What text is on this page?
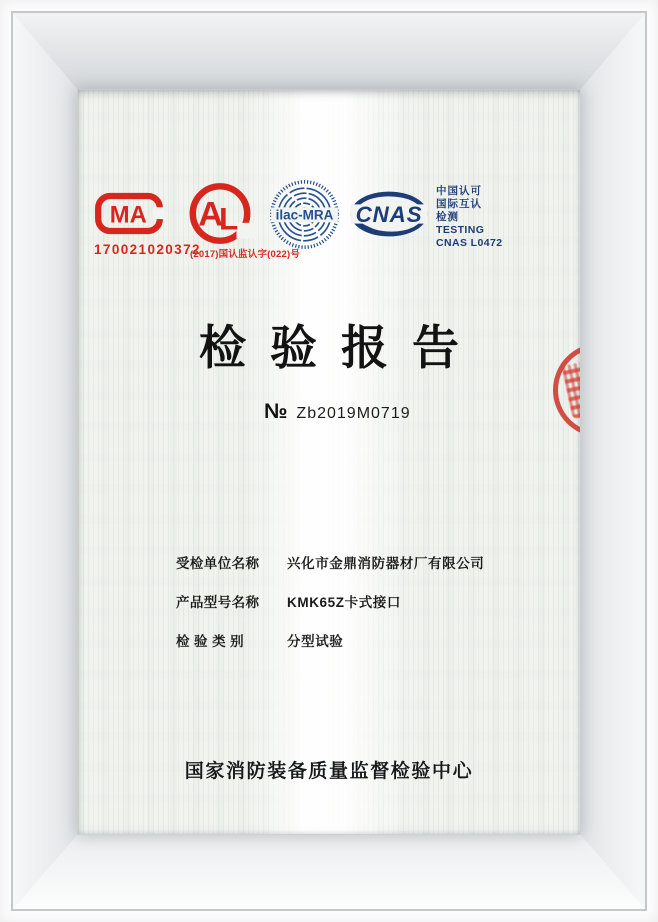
MA A
L ilac-MRA CNAS
中国认可
国际互认
检测
TESTING
CNAS L0472
170021020372
(2017)国认监认字(022)号
检验报告
№ Zb2019M0719
受检单位名称	兴化市金鼎消防器材厂有限公司
产品型号名称	KMK65Z卡式接口
检 验 类 别	分型试验
国家消防装备质量监督检验中心
